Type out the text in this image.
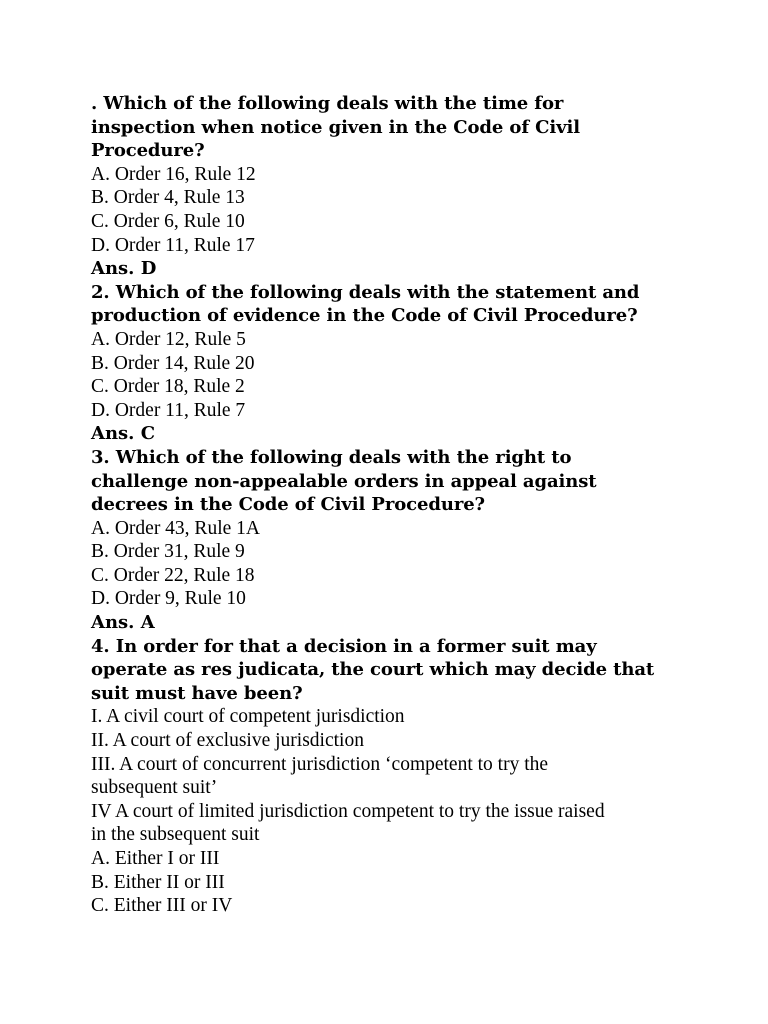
. Which of the following deals with the time for
inspection when notice given in the Code of Civil
Procedure?
A. Order 16, Rule 12
B. Order 4, Rule 13
C. Order 6, Rule 10
D. Order 11, Rule 17
Ans. D
2. Which of the following deals with the statement and
production of evidence in the Code of Civil Procedure?
A. Order 12, Rule 5
B. Order 14, Rule 20
C. Order 18, Rule 2
D. Order 11, Rule 7
Ans. C
3. Which of the following deals with the right to
challenge non-appealable orders in appeal against
decrees in the Code of Civil Procedure?
A. Order 43, Rule 1A
B. Order 31, Rule 9
C. Order 22, Rule 18
D. Order 9, Rule 10
Ans. A
4. In order for that a decision in a former suit may
operate as res judicata, the court which may decide that
suit must have been?
I. A civil court of competent jurisdiction
II. A court of exclusive jurisdiction
III. A court of concurrent jurisdiction ‘competent to try the
subsequent suit’
IV A court of limited jurisdiction competent to try the issue raised
in the subsequent suit
A. Either I or III
B. Either II or III
C. Either III or IV
